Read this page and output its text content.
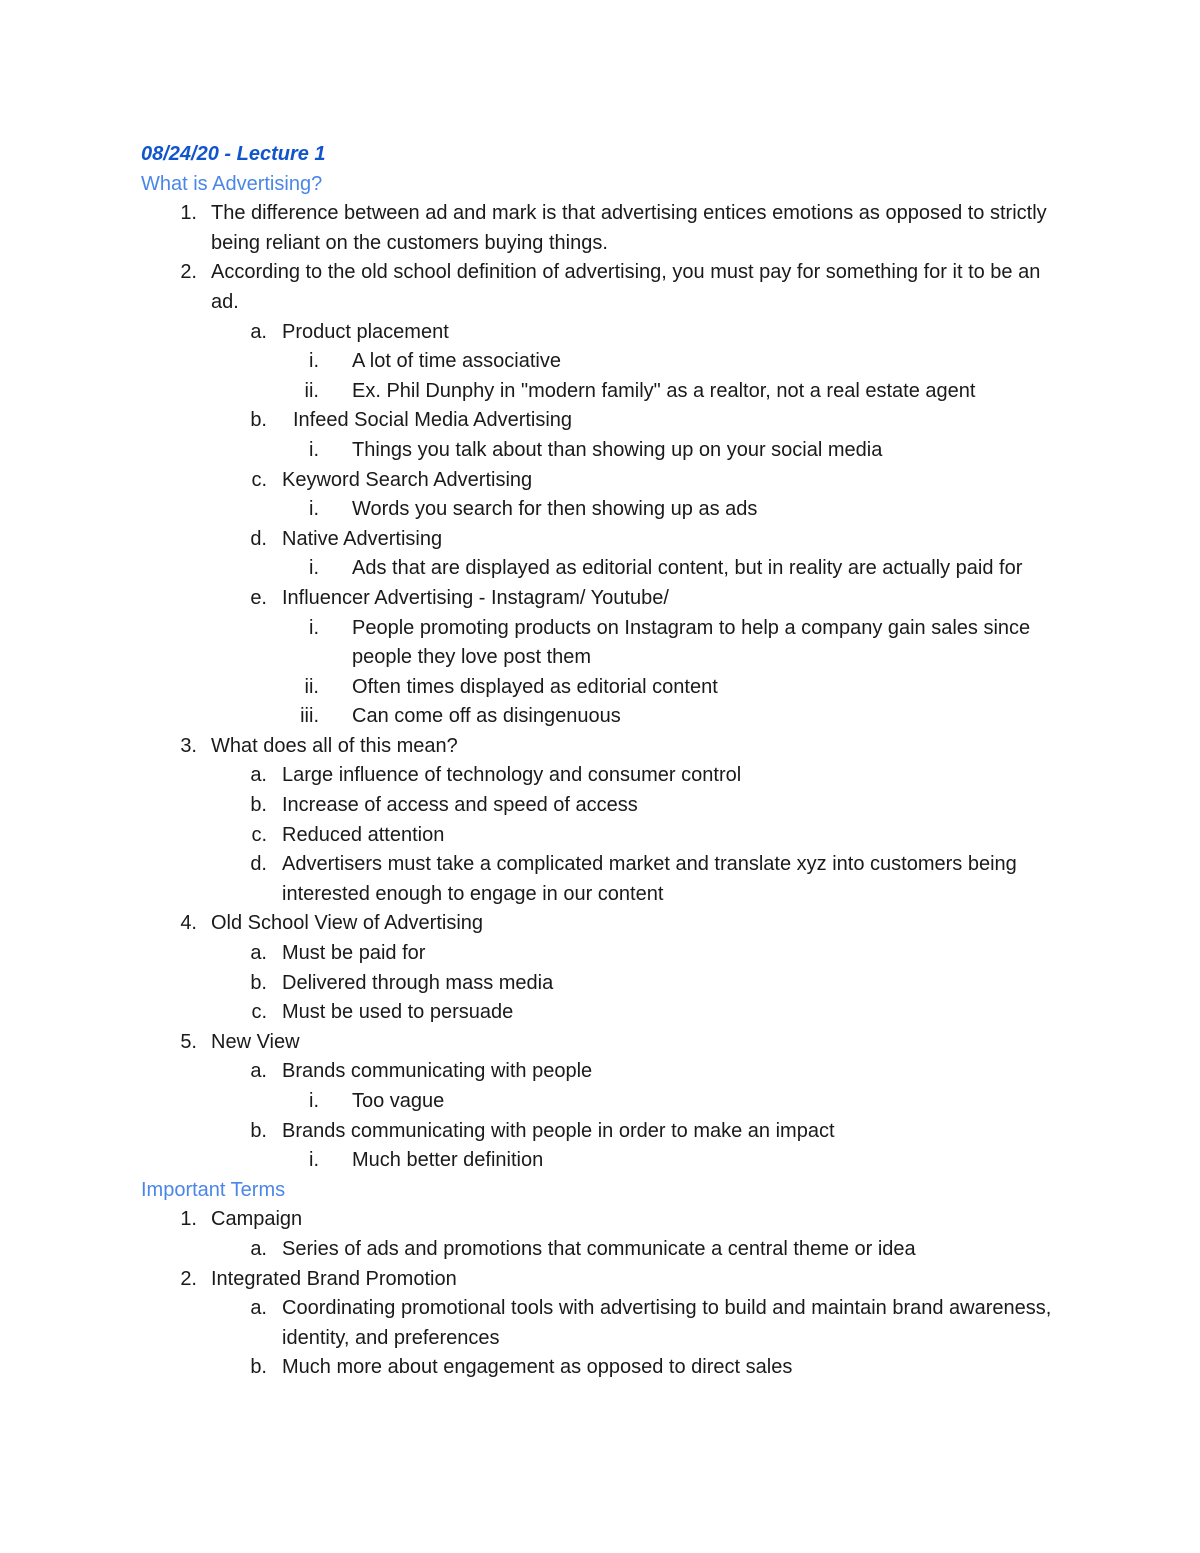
08/24/20 - Lecture 1
What is Advertising?
1. The difference between ad and mark is that advertising entices emotions as opposed to strictly being reliant on the customers buying things.
2. According to the old school definition of advertising, you must pay for something for it to be an ad.
a. Product placement
i. A lot of time associative
ii. Ex. Phil Dunphy in "modern family" as a realtor, not a real estate agent
b.	Infeed Social Media Advertising
i. Things you talk about than showing up on your social media
c. Keyword Search Advertising
i. Words you search for then showing up as ads
d. Native Advertising
i. Ads that are displayed as editorial content, but in reality are actually paid for
e. Influencer Advertising - Instagram/ Youtube/
i. People promoting products on Instagram to help a company gain sales since people they love post them
ii. Often times displayed as editorial content
iii. Can come off as disingenuous
3. What does all of this mean?
a. Large influence of technology and consumer control
b. Increase of access and speed of access
c. Reduced attention
d. Advertisers must take a complicated market and translate xyz into customers being interested enough to engage in our content
4. Old School View of Advertising
a. Must be paid for
b. Delivered through mass media
c. Must be used to persuade
5. New View
a. Brands communicating with people
i. Too vague
b. Brands communicating with people in order to make an impact
i. Much better definition
Important Terms
1. Campaign
a. Series of ads and promotions that communicate a central theme or idea
2. Integrated Brand Promotion
a. Coordinating promotional tools with advertising to build and maintain brand awareness, identity, and preferences
b. Much more about engagement as opposed to direct sales
